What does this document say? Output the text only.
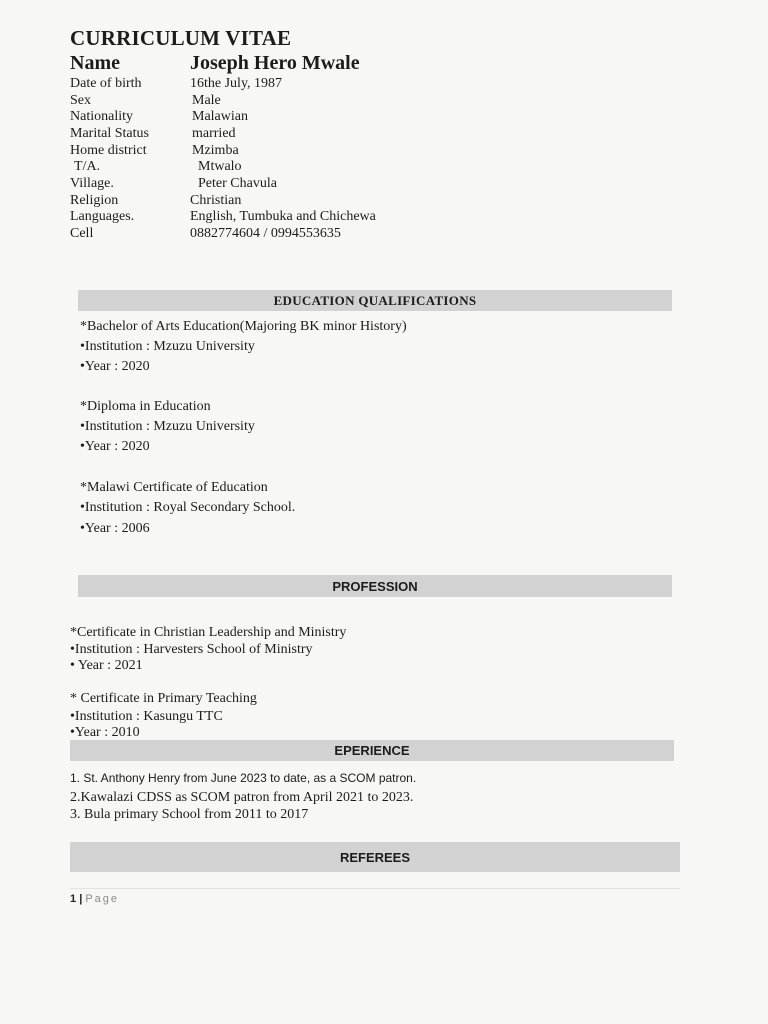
CURRICULUM VITAE
Name	Joseph Hero Mwale
Date of birth	16the July, 1987
Sex	Male
Nationality	Malawian
Marital Status	married
Home district	Mzimba
T/A.	Mtwalo
Village.	Peter Chavula
Religion	Christian
Languages.	English, Tumbuka and Chichewa
Cell	0882774604 / 0994553635
EDUCATION QUALIFICATIONS
*Bachelor of Arts Education(Majoring BK minor History)
•Institution : Mzuzu University
•Year : 2020
*Diploma in Education
•Institution : Mzuzu University
•Year : 2020
*Malawi Certificate of Education
•Institution : Royal Secondary School.
•Year : 2006
PROFESSION
*Certificate in Christian Leadership and Ministry
•Institution : Harvesters School of Ministry
• Year : 2021
* Certificate in Primary Teaching
•Institution : Kasungu TTC
•Year : 2010
EPERIENCE
1. St. Anthony Henry from June 2023 to date, as a SCOM patron.
2.Kawalazi CDSS as SCOM patron from April 2021 to 2023.
3. Bula primary School from 2011 to 2017
REFEREES
1 | Page
